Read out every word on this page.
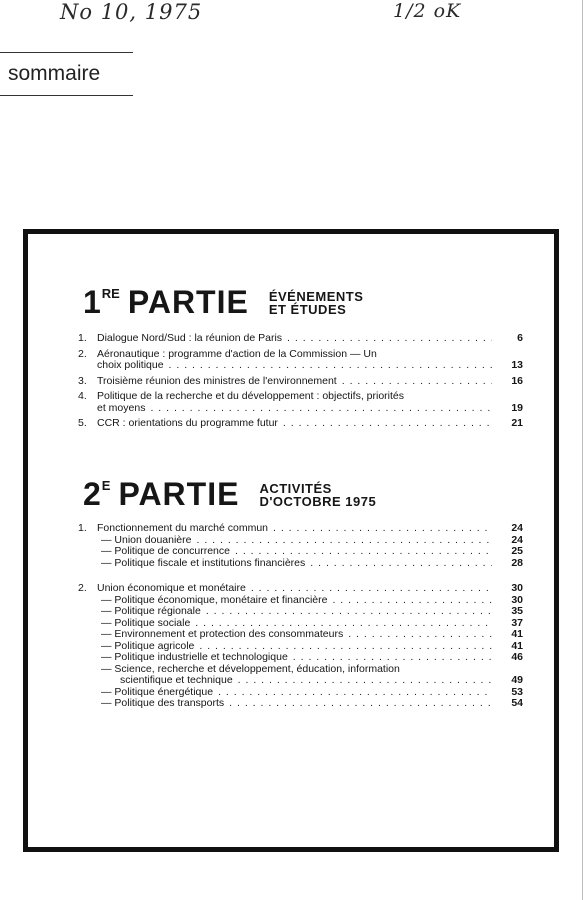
No 10, 1975	1/2 oK
sommaire
1 RE PARTIE ÉVÉNEMENTS
ET ÉTUDES
1. Dialogue Nord/Sud : la réunion de Paris . . .	6
2. Aéronautique : programme d'action de la Commission — Un
choix politique . . .	13
3. Troisième réunion des ministres de l'environnement . . .	16
4. Politique de la recherche et du développement : objectifs, priorités
et moyens . . .	19
5. CCR : orientations du programme futur . . .	21
2 E PARTIE ACTIVITÉS
D'OCTOBRE 1975
1. Fonctionnement du marché commun . . .	24
— Union douanière . . .	24
— Politique de concurrence . . .	25
— Politique fiscale et institutions financières . . .	28
2. Union économique et monétaire . . .	30
— Politique économique, monétaire et financière . . .	30
— Politique régionale . . .	35
— Politique sociale . . .	37
— Environnement et protection des consommateurs . . .	41
— Politique agricole . . .	41
— Politique industrielle et technologique . . .	46
— Science, recherche et développement, éducation, information
scientifique et technique . . .	49
— Politique énergétique . . .	53
— Politique des transports . . .	54
